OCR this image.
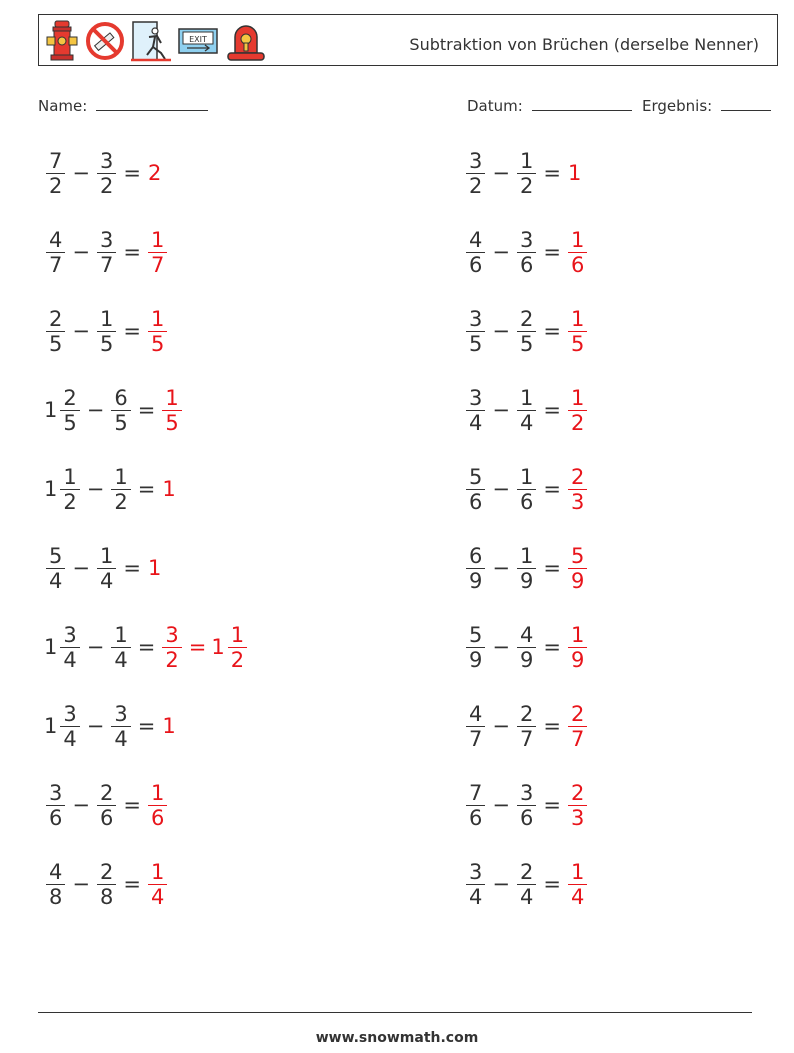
EXIT	Subtraktion von Brüchen (derselbe Nenner)
Name:	Datum:	Ergebnis:
$\frac{7}{2} - \frac{3}{2} = 2$
$\frac{4}{7} - \frac{3}{7} = \frac{1}{7}$
$\frac{2}{5} - \frac{1}{5} = \frac{1}{5}$
$1 \frac{2}{5} - \frac{6}{5} = \frac{1}{5}$
$1 \frac{1}{2} - \frac{1}{2} = 1$
$\frac{5}{4} - \frac{1}{4} = 1$
$1 \frac{3}{4} - \frac{1}{4} = \frac{3}{2} = 1 \frac{1}{2}$
$1 \frac{3}{4} - \frac{3}{4} = 1$
$\frac{3}{6} - \frac{2}{6} = \frac{1}{6}$
$\frac{4}{8} - \frac{2}{8} = \frac{1}{4}$
$\frac{3}{2} - \frac{1}{2} = 1$
$\frac{4}{6} - \frac{3}{6} = \frac{1}{6}$
$\frac{3}{5} - \frac{2}{5} = \frac{1}{5}$
$\frac{3}{4} - \frac{1}{4} = \frac{1}{2}$
$\frac{5}{6} - \frac{1}{6} = \frac{2}{3}$
$\frac{6}{9} - \frac{1}{9} = \frac{5}{9}$
$\frac{5}{9} - \frac{4}{9} = \frac{1}{9}$
$\frac{4}{7} - \frac{2}{7} = \frac{2}{7}$
$\frac{7}{6} - \frac{3}{6} = \frac{2}{3}$
$\frac{3}{4} - \frac{2}{4} = \frac{1}{4}$
www.snowmath.com
